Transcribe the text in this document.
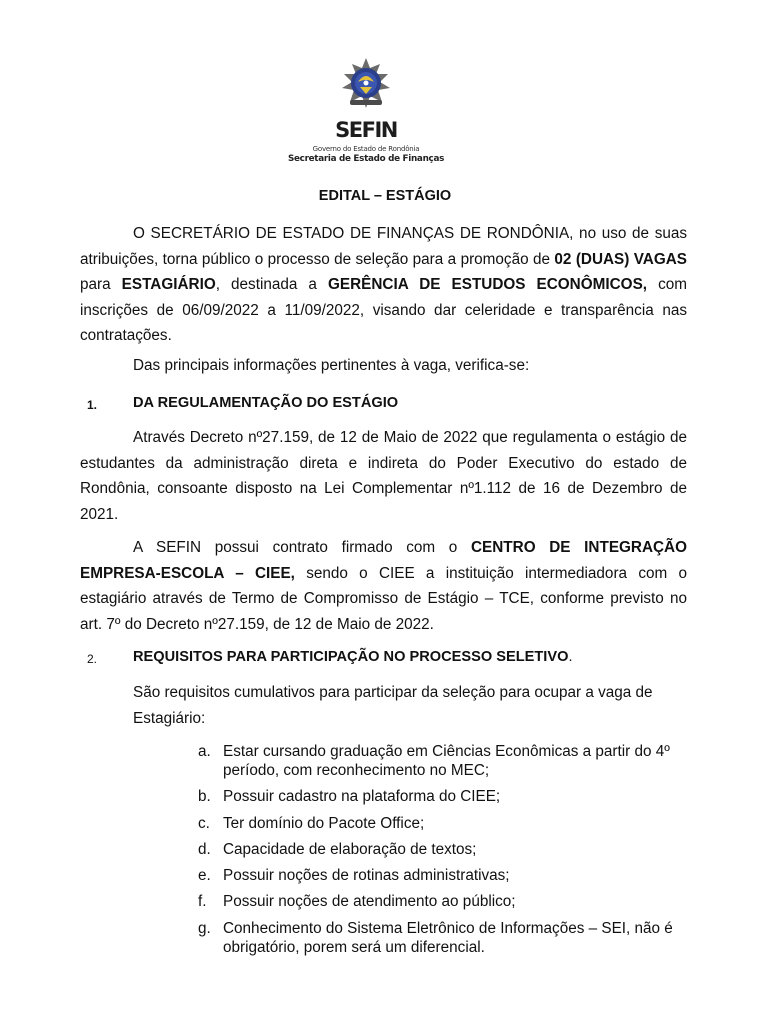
SEFIN
Governo do Estado de Rondônia
Secretaria de Estado de Finanças
EDITAL – ESTÁGIO

O SECRETÁRIO DE ESTADO DE FINANÇAS DE RONDÔNIA, no uso de suas atribuições, torna público o processo de seleção para a promoção de 02 (DUAS) VAGAS para ESTAGIÁRIO, destinada a GERÊNCIA DE ESTUDOS ECONÔMICOS, com inscrições de 06/09/2022 a 11/09/2022, visando dar celeridade e transparência nas contratações.

Das principais informações pertinentes à vaga, verifica-se:
1. DA REGULAMENTAÇÃO DO ESTÁGIO

Através Decreto nº27.159, de 12 de Maio de 2022 que regulamenta o estágio de estudantes da administração direta e indireta do Poder Executivo do estado de Rondônia, consoante disposto na Lei Complementar nº1.112 de 16 de Dezembro de 2021.

A SEFIN possui contrato firmado com o CENTRO DE INTEGRAÇÃO EMPRESA-ESCOLA – CIEE, sendo o CIEE a instituição intermediadora com o estagiário através de Termo de Compromisso de Estágio – TCE, conforme previsto no art. 7º do Decreto nº27.159, de 12 de Maio de 2022.

2. REQUISITOS PARA PARTICIPAÇÃO NO PROCESSO SELETIVO.

São requisitos cumulativos para participar da seleção para ocupar a vaga de Estagiário:

a. Estar cursando graduação em Ciências Econômicas a partir do 4º período, com reconhecimento no MEC;
b. Possuir cadastro na plataforma do CIEE;
c. Ter domínio do Pacote Office;
d. Capacidade de elaboração de textos;
e. Possuir noções de rotinas administrativas;
f. Possuir noções de atendimento ao público;
g. Conhecimento do Sistema Eletrônico de Informações – SEI, não é obrigatório, porem será um diferencial.
